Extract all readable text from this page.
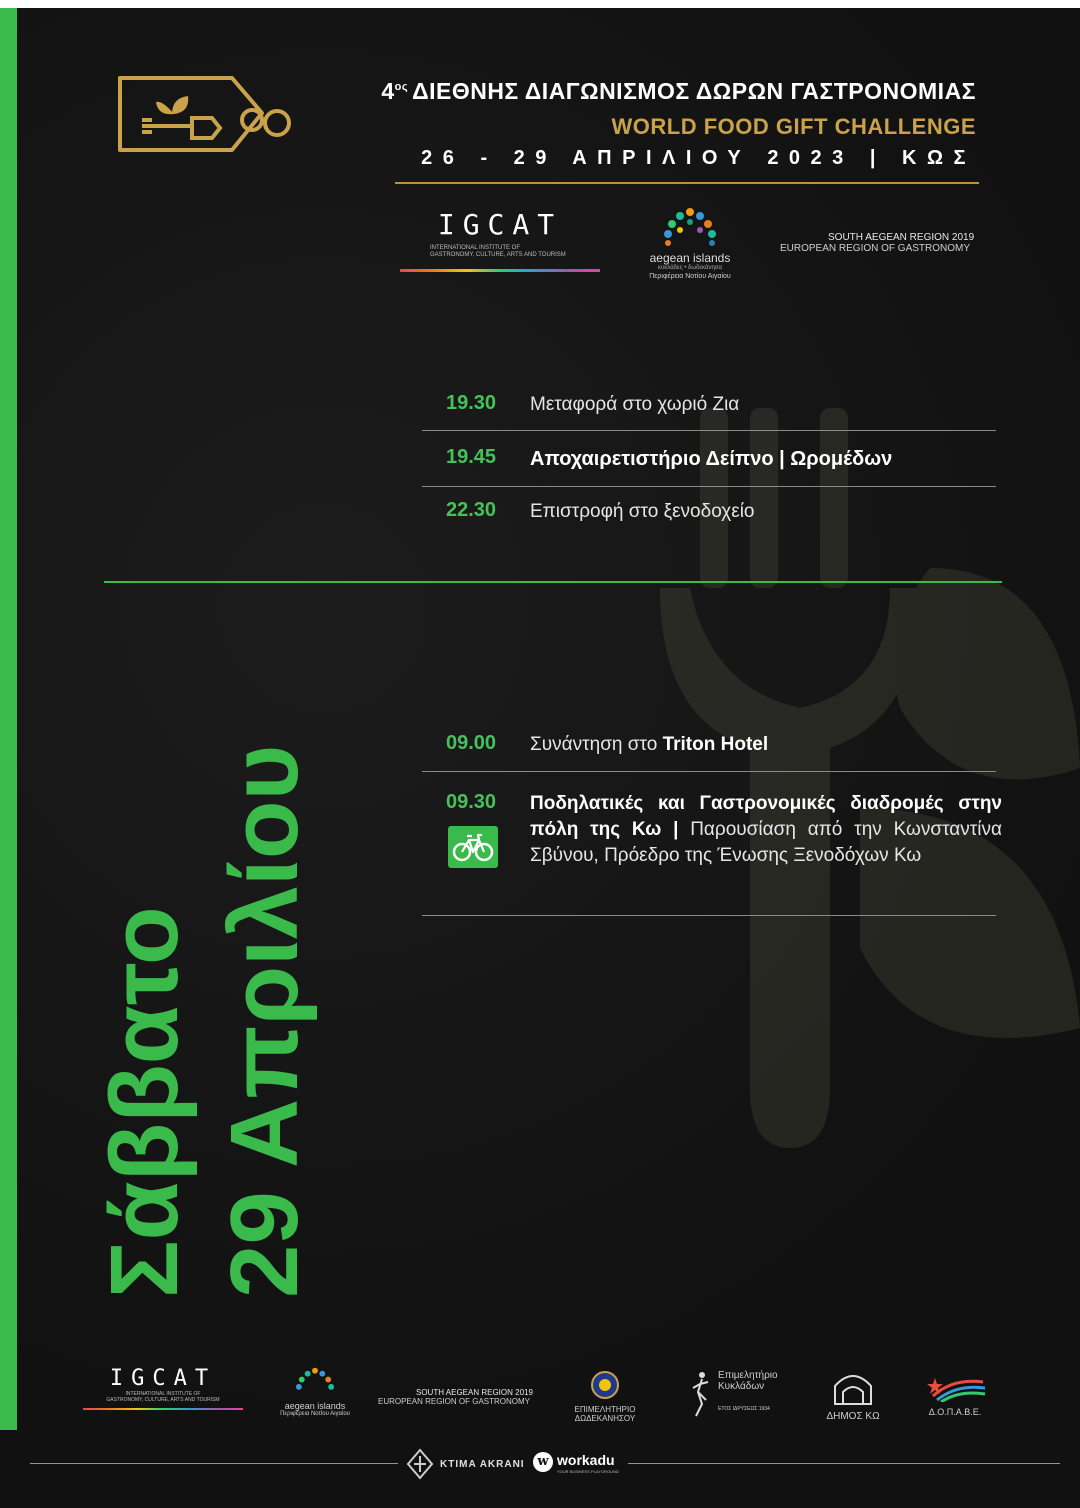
$4^{o\varsigma}$ ΔΙΕΘΝΗΣ ΔΙΑΓΩΝΙΣΜΟΣ ΔΩΡΩΝ ΓΑΣΤΡΟΝΟΜΙΑΣ
WORLD FOOD GIFT CHALLENGE
26 - 29 ΑΠΡΙΛΙΟΥ 2023 | ΚΩΣ
IGCAT
INTERNATIONAL INSTITUTE OF
GASTRONOMY, CULTURE, ARTS AND TOURISM	aegean islands
κυκλάδες • δωδεκάνησα
Περιφέρεια Νοτίου Αιγαίου
SOUTH AEGEAN REGION 2019
EUROPEAN REGION OF GASTRONOMY
19.30 Μεταφορά στο χωριό Ζια
19.45 Αποχαιρετιστήριο Δείπνο | Ωρομέδων
22.30 Επιστροφή στο ξενοδοχείο
09.00 Συνάντηση στο Triton Hotel
09.30 Ποδηλατικές και Γαστρονομικές διαδρομές στην πόλη της Κω | Παρουσίαση από την Κωνσταντίνα Σβύνου, Πρόεδρο της Ένωσης Ξενοδόχων Κω
Σάββατο 29 Απριλίου
IGCAT
INTERNATIONAL INSTITUTE OF
GASTRONOMY, CULTURE, ARTS AND TOURISM
aegean islands
Περιφέρεια Νοτίου Αιγαίου
SOUTH AEGEAN REGION 2019
EUROPEAN REGION OF GASTRONOMY
ΕΠΙΜΕΛΗΤΗΡΙΟ
ΔΩΔΕΚΑΝΗΣΟΥ
Επιμελητήριο
Κυκλάδων
ΕΤΟΣ ΙΔΡΥΣΕΩΣ 1934
ΔΗΜΟΣ ΚΩ	Δ.Ο.Π.Α.Β.Ε.
KTIMA AKRANI w workadu
YOUR BUSINESS PLAYGROUND
